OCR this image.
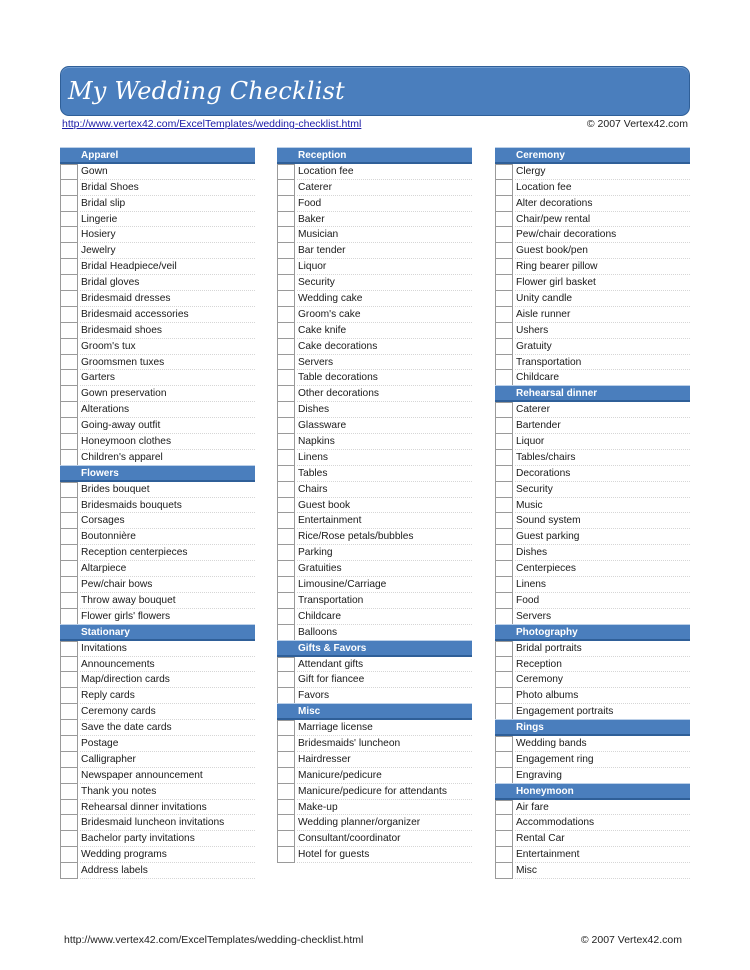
My Wedding Checklist
http://www.vertex42.com/ExcelTemplates/wedding-checklist.html	© 2007 Vertex42.com
Apparel
Gown
Bridal Shoes
Bridal slip
Lingerie
Hosiery
Jewelry
Bridal Headpiece/veil
Bridal gloves
Bridesmaid dresses
Bridesmaid accessories
Bridesmaid shoes
Groom's tux
Groomsmen tuxes
Garters
Gown preservation
Alterations
Going-away outfit
Honeymoon clothes
Children's apparel
Flowers
Brides bouquet
Bridesmaids bouquets
Corsages
Boutonnière
Reception centerpieces
Altarpiece
Pew/chair bows
Throw away bouquet
Flower girls' flowers
Stationary
Invitations
Announcements
Map/direction cards
Reply cards
Ceremony cards
Save the date cards
Postage
Calligrapher
Newspaper announcement
Thank you notes
Rehearsal dinner invitations
Bridesmaid luncheon invitations
Bachelor party invitations
Wedding programs
Address labels
Reception
Location fee
Caterer
Food
Baker
Musician
Bar tender
Liquor
Security
Wedding cake
Groom's cake
Cake knife
Cake decorations
Servers
Table decorations
Other decorations
Dishes
Glassware
Napkins
Linens
Tables
Chairs
Guest book
Entertainment
Rice/Rose petals/bubbles
Parking
Gratuities
Limousine/Carriage
Transportation
Childcare
Balloons
Gifts & Favors
Attendant gifts
Gift for fiancee
Favors
Misc
Marriage license
Bridesmaids' luncheon
Hairdresser
Manicure/pedicure
Manicure/pedicure for attendants
Make-up
Wedding planner/organizer
Consultant/coordinator
Hotel for guests
Ceremony
Clergy
Location fee
Alter decorations
Chair/pew rental
Pew/chair decorations
Guest book/pen
Ring bearer pillow
Flower girl basket
Unity candle
Aisle runner
Ushers
Gratuity
Transportation
Childcare
Rehearsal dinner
Caterer
Bartender
Liquor
Tables/chairs
Decorations
Security
Music
Sound system
Guest parking
Dishes
Centerpieces
Linens
Food
Servers
Photography
Bridal portraits
Reception
Ceremony
Photo albums
Engagement portraits
Rings
Wedding bands
Engagement ring
Engraving
Honeymoon
Air fare
Accommodations
Rental Car
Entertainment
Misc
http://www.vertex42.com/ExcelTemplates/wedding-checklist.html	© 2007 Vertex42.com
